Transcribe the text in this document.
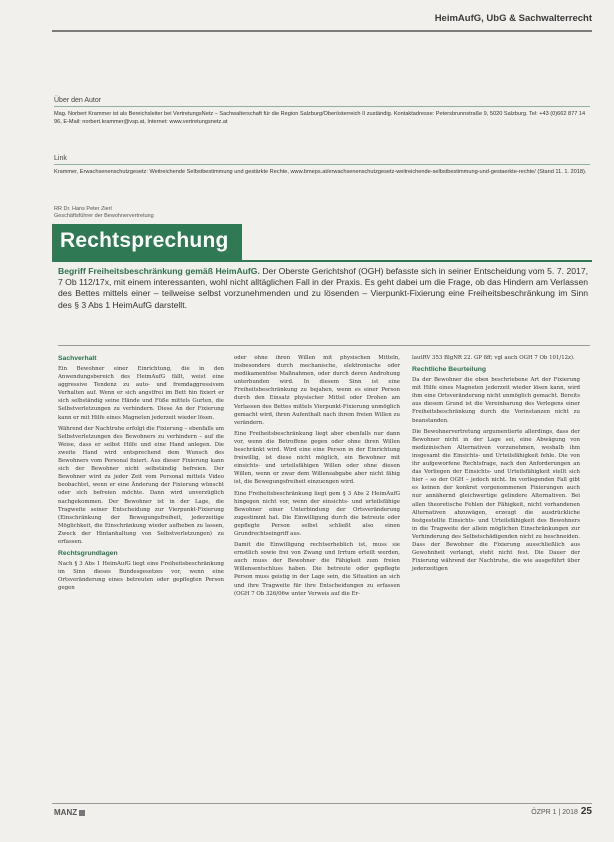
HeimAufG, UbG & Sachwalterrecht
Über den Autor
Mag. Norbert Krammer ist als Bereichsleiter bei VertretungsNetz – Sachwalterschaft für die Region Salzburg/Oberösterreich II zuständig. Kontaktadresse: Petersbrunnstraße 9, 5020 Salzburg. Tel: +43 (0)662 877 14 96, E-Mail: norbert.krammer@vsp.at, Internet: www.vertretungsnetz.at
Link
Krammer, Erwachsenenschutzgesetz: Weitreichende Selbstbestimmung und gestärkte Rechte, www.bmeps.at/erwachsenenschutzgesetz-weitreichende-selbstbestimmung-und-gestaerkte-rechte/ (Stand 11. 1. 2018).
RR Dr. Hans Peter Zierl
Geschäftsführer der Bewohnervertretung
Rechtsprechung
Begriff Freiheitsbeschränkung gemäß HeimAufG. Der Oberste Gerichtshof (OGH) befasste sich in seiner Entscheidung vom 5. 7. 2017, 7 Ob 112/17x, mit einem interessanten, wohl nicht alltäglichen Fall in der Praxis. Es geht dabei um die Frage, ob das Hindern am Verlassen des Bettes mittels einer – teilweise selbst vorzunehmenden und zu lösenden – Vierpunkt-Fixierung eine Freiheitsbeschränkung im Sinn des § 3 Abs 1 HeimAufG darstellt.
Sachverhalt

Ein Bewohner einer Einrichtung, die in den Anwendungsbereich des HeimAufG fällt, weist eine aggressive Tendenz zu auto- und fremdaggressivem Verhalten auf. Wenn er sich angstfrei im Bett hin fixiert er sich selbständig seine Hände und Füße mittels Gurten, die Selbstverletzungen zu verhindern. Diese An der Fixierung kann er mit Hilfe eines Magneten jederzeit wieder lösen.

Während der Nachtruhe erfolgt die Fixierung – ebenfalls um Selbstverletzungen des Bewohners zu verhindern – auf die Weise, dass er selbst Hilfe und eine Hand anlegen. Die zweite Hand wird entsprechend dem Wunsch des Bewohners vom Personal fixiert. Aus dieser Fixierung kann sich der Bewohner nicht selbständig befreien. Der Bewohner wird zu jeder Zeit vom Personal mittels Video beobachtet, wenn er eine Änderung der Fixierung wünscht oder sich befreien möchte. Dann wird unverzüglich nachgekommen. Der Bewohner ist in der Lage, die Tragweite seiner Entscheidung zur Vierpunkt-Fixierung (Einschränkung der Bewegungsfreiheit, jederzeitige Möglichkeit, die Einschränkung wieder aufheben zu lassen, Zweck der Hintanhaltung von Selbstverletzungen) zu erfassen.

Rechtsgrundlagen

Nach § 3 Abs 1 HeimAufG liegt eine Freiheitsbeschränkung im Sinn dieses Bundesgesetzes vor, wenn eine Ortsveränderung eines betreuten oder gepflegten Person gegen

oder ohne ihren Willen mit physischen Mitteln, insbesondere durch mechanische, elektronische oder medikamentöse Maßnahmen, oder durch deren Androhung unterbunden wird. In diesem Sinn ist eine Freiheitsbeschränkung zu bejahen, wenn es einer Person durch den Einsatz physischer Mittel oder Drohen am Verlassen des Bettes mittels Vierpunkt-Fixierung unmöglich gemacht wird, ihren Aufenthalt nach ihrem freien Willen zu verändern.

Eine Freiheitsbeschränkung liegt aber ebenfalls nur dann vor, wenn die Betroffene gegen oder ohne ihren Willen beschränkt wird. Wird eine eine Person in der Einrichtung freiwillig, ist diese nicht möglich, ein Bewohner mit einsichts- und urteilsfähigen Willen oder ohne diesen Willen, wenn er zwar dem Willensabgabe aber nicht fähig ist, die Bewegungsfreiheit einzuengen wird.

Eine Freiheitsbeschränkung liegt gem § 3 Abs 2 HeimAufG hingegen nicht vor, wenn der einsichts- und urteilsfähige Bewohner einer Unterbindung der Ortsveränderung zugestimmt hat. Die Einwilligung durch die betreute oder gepflegte Person selbst schließt also einen Grundrechtseingriff aus.

Damit die Einwilligung rechtserheblich ist, muss sie ernstlich sowie frei von Zwang und Irrtum erteilt werden, auch muss der Bewohner die Fähigkeit zum freien Willensentschluss haben. Die betreute oder gepflegte Person muss geistig in der Lage sein, die Situation an sich und ihre Tragweite für ihre Entscheidungen zu erfassen (OGH 7 Ob 326/06w unter Verweis auf die Er-

lautRV 353 BlgNR 22. GP 8ff; vgl auch OGH 7 Ob 101/12z).

Rechtliche Beurteilung

Da der Bewohner die oben beschriebene Art der Fixierung mit Hilfe eines Magneten jederzeit wieder lösen kann, wird ihm eine Ortsveränderung nicht unmöglich gemacht. Bereits aus diesem Grund ist die Vereinbarung des Verlegens einer Freiheitsbeschränkung durch die Vorinstanzen nicht zu beanstanden.

Die Bewohnervertretung argumentierte allerdings, dass der Bewohner nicht in der Lage sei, eine Abwägung von medizinischen Alternativen vorzunehmen, weshalb ihm insgesamt die Einsichts- und Urteilsfähigkeit fehle. Die von ihr aufgeworfene Rechtsfrage, nach den Anforderungen an das Vorliegen der Einsichts- und Urteilsfähigkeit stellt sich hier – so der OGH – jedoch nicht. Im vorliegenden Fall gibt es keinen der konkret vorgenommenen Fixierungen auch nur annähernd gleichwertige gelindere Alternativen. Bei allen theoretische Fehlen der Fähigkeit, nicht vorhandenen Alternativen abzuwägen, erzeugt die ausdrückliche festgestellte Einsichts- und Urteilsfähigkeit des Bewohners in die Tragweite der allein möglichen Einschränkungen zur Verhinderung des Selbstschädigenden nicht zu beschneiden. Dass der Bewohner die Fixierung ausschließlich aus Gewohnheit verlangt, steht nicht fest. Die Dauer der Fixierung während der Nachtruhe, die wie ausgeführt über jederzeitigen

MANZ	ÖZPR 1 | 2018 25
